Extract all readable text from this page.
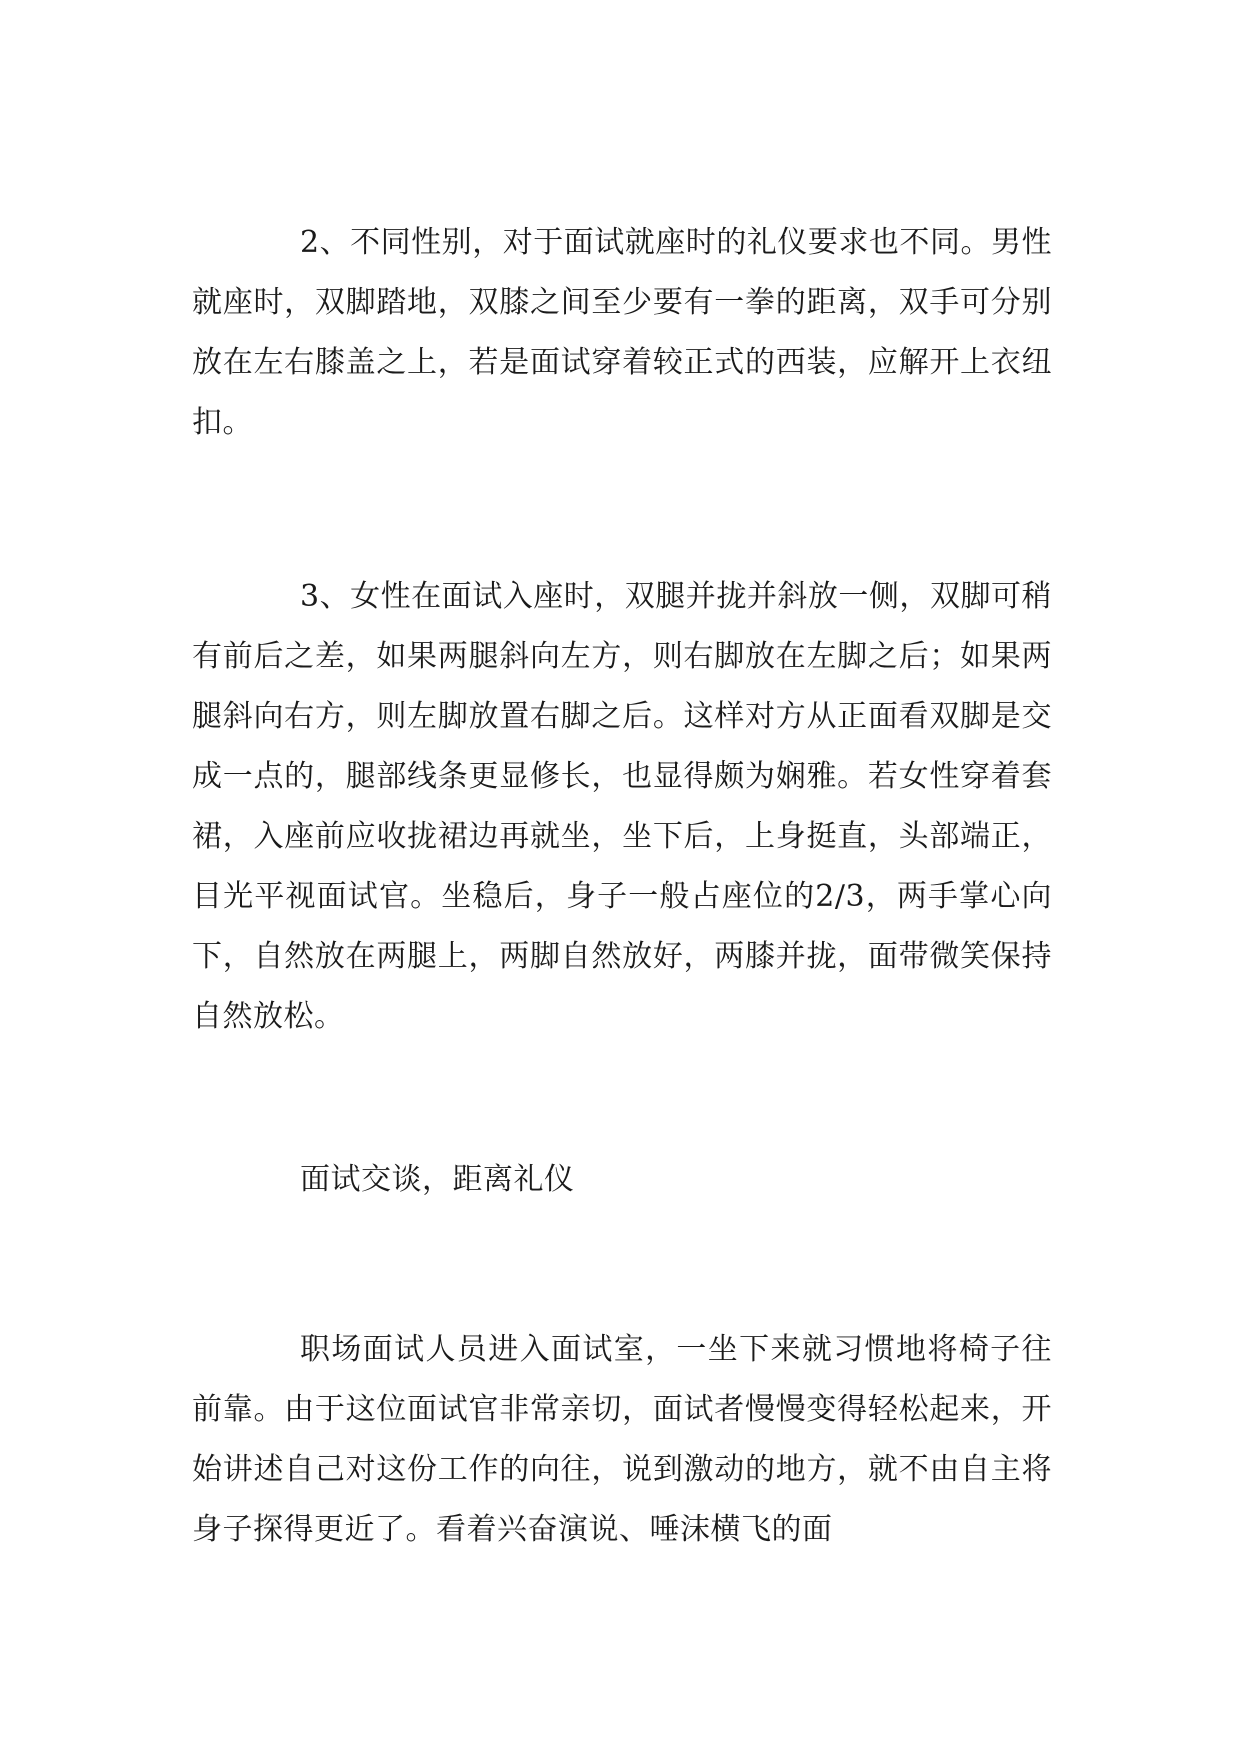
2、不同性别，对于面试就座时的礼仪要求也不同。男性就座时，双脚踏地，双膝之间至少要有一拳的距离，双手可分别放在左右膝盖之上，若是面试穿着较正式的西装，应解开上衣纽扣。

3、女性在面试入座时，双腿并拢并斜放一侧，双脚可稍有前后之差，如果两腿斜向左方，则右脚放在左脚之后；如果两腿斜向右方，则左脚放置右脚之后。这样对方从正面看双脚是交成一点的，腿部线条更显修长，也显得颇为娴雅。若女性穿着套裙，入座前应收拢裙边再就坐，坐下后，上身挺直，头部端正，目光平视面试官。坐稳后，身子一般占座位的2/3，两手掌心向下，自然放在两腿上，两脚自然放好，两膝并拢，面带微笑保持自然放松。

面试交谈，距离礼仪

职场面试人员进入面试室，一坐下来就习惯地将椅子往前靠。由于这位面试官非常亲切，面试者慢慢变得轻松起来，开始讲述自己对这份工作的向往，说到激动的地方，就不由自主将身子探得更近了。看着兴奋演说、唾沫横飞的面
